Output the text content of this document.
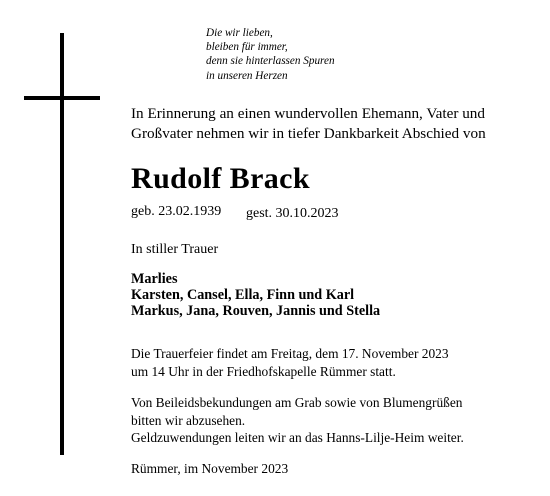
Die wir lieben,
bleiben für immer,
denn sie hinterlassen Spuren
in unseren Herzen
In Erinnerung an einen wundervollen Ehemann, Vater und
Großvater nehmen wir in tiefer Dankbarkeit Abschied von
Rudolf Brack
geb. 23.02.1939 gest. 30.10.2023
In stiller Trauer
Marlies
Karsten, Cansel, Ella, Finn und Karl
Markus, Jana, Rouven, Jannis und Stella
Die Trauerfeier findet am Freitag, dem 17. November 2023
um 14 Uhr in der Friedhofskapelle Rümmer statt.
Von Beileidsbekundungen am Grab sowie von Blumengrüßen
bitten wir abzusehen.
Geldzuwendungen leiten wir an das Hanns-Lilje-Heim weiter.
Rümmer, im November 2023
